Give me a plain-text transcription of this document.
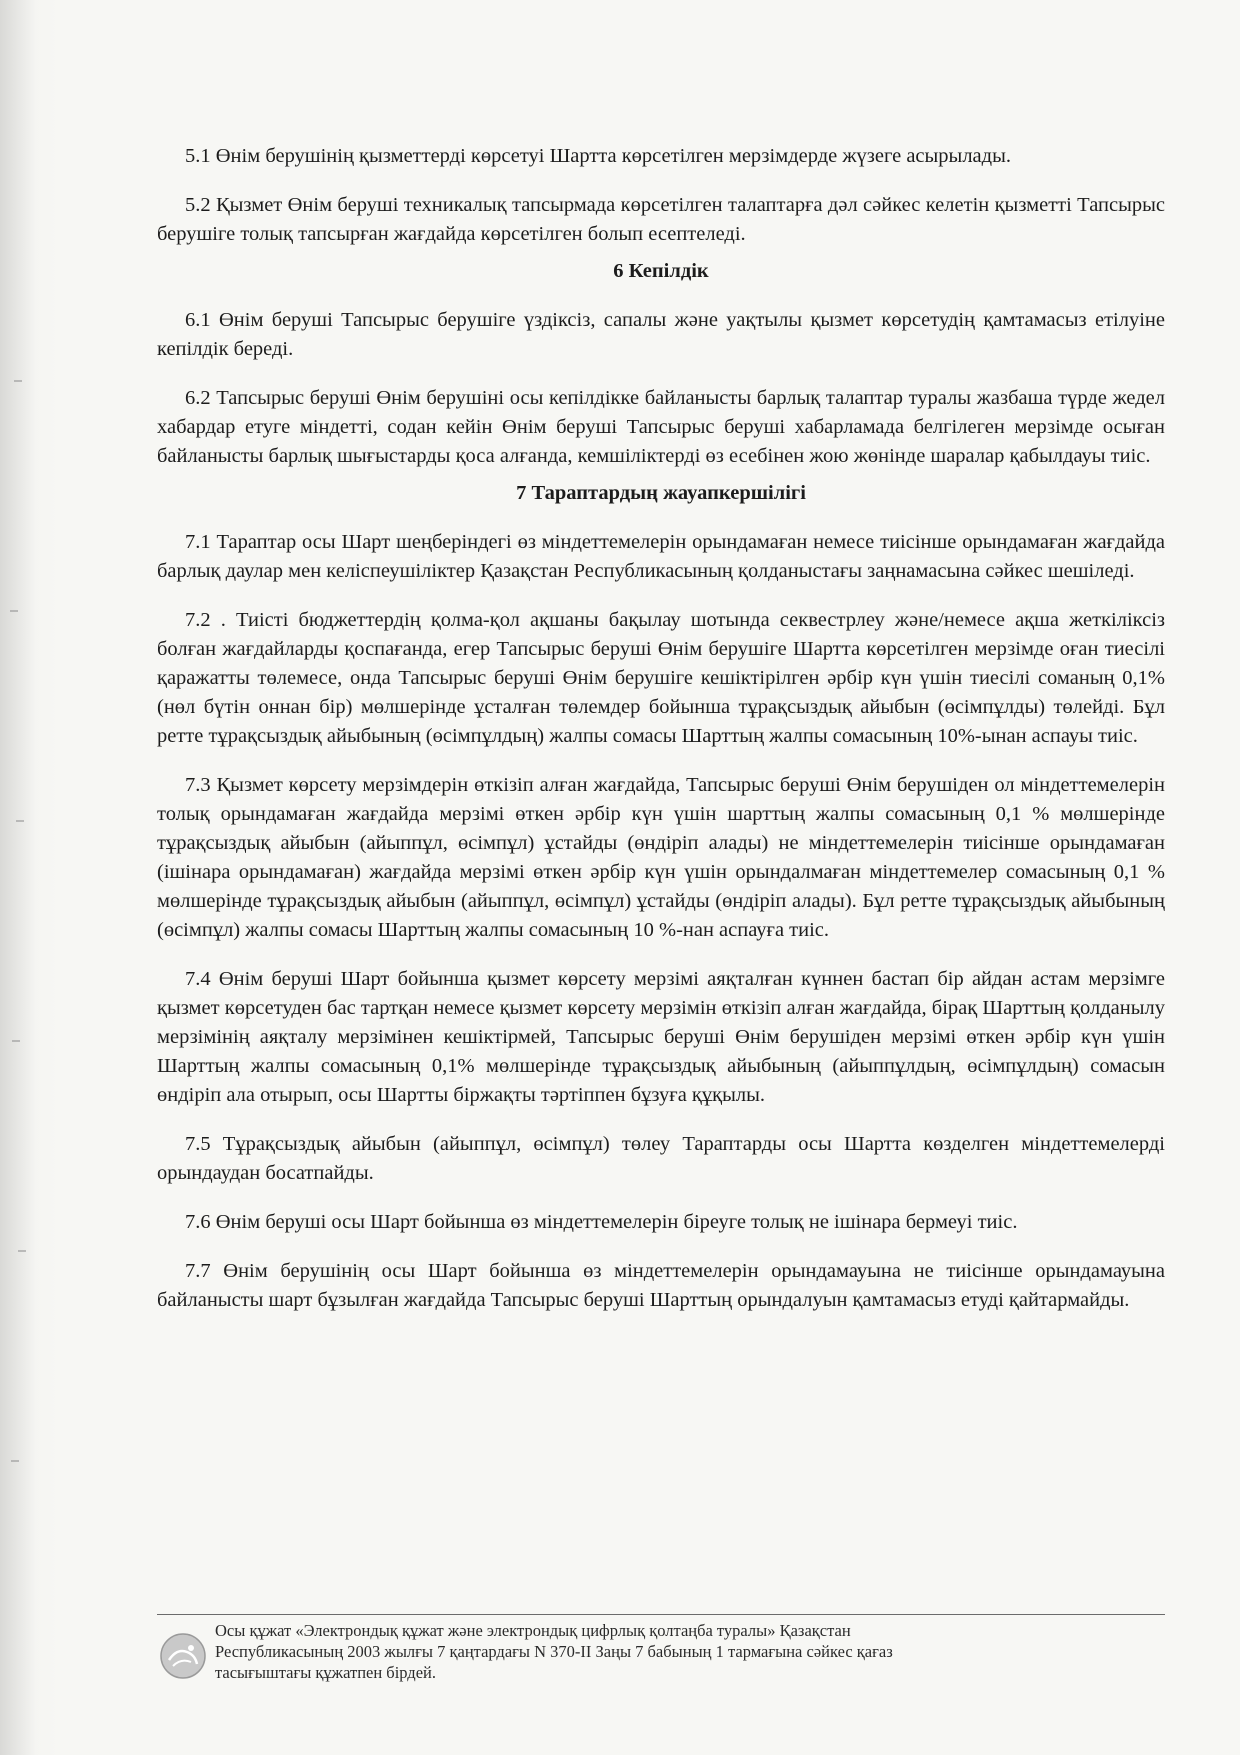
5.1 Өнім берушінің қызметтерді көрсетуі Шартта көрсетілген мерзімдерде жүзеге асырылады.

5.2 Қызмет Өнім беруші техникалық тапсырмада көрсетілген талаптарға дәл сәйкес келетін қызметті Тапсырыс берушіге толық тапсырған жағдайда көрсетілген болып есептеледі.

6 Кепілдік

6.1 Өнім беруші Тапсырыс берушіге үздіксіз, сапалы және уақтылы қызмет көрсетудің қамтамасыз етілуіне кепілдік береді.

6.2 Тапсырыс беруші Өнім берушіні осы кепілдікке байланысты барлық талаптар туралы жазбаша түрде жедел хабардар етуге міндетті, содан кейін Өнім беруші Тапсырыс беруші хабарламада белгілеген мерзімде осыған байланысты барлық шығыстарды қоса алғанда, кемшіліктерді өз есебінен жою жөнінде шаралар қабылдауы тиіс.

7 Тараптардың жауапкершілігі

7.1 Тараптар осы Шарт шеңберіндегі өз міндеттемелерін орындамаған немесе тиісінше орындамаған жағдайда барлық даулар мен келіспеушіліктер Қазақстан Республикасының қолданыстағы заңнамасына сәйкес шешіледі.

7.2 . Тиісті бюджеттердің қолма-қол ақшаны бақылау шотында секвестрлеу және/немесе ақша жеткіліксіз болған жағдайларды қоспағанда, егер Тапсырыс беруші Өнім берушіге Шартта көрсетілген мерзімде оған тиесілі қаражатты төлемесе, онда Тапсырыс беруші Өнім берушіге кешіктірілген әрбір күн үшін тиесілі соманың 0,1% (нөл бүтін оннан бір) мөлшерінде ұсталған төлемдер бойынша тұрақсыздық айыбын (өсімпұлды) төлейді. Бұл ретте тұрақсыздық айыбының (өсімпұлдың) жалпы сомасы Шарттың жалпы сомасының 10%-ынан аспауы тиіс.

7.3 Қызмет көрсету мерзімдерін өткізіп алған жағдайда, Тапсырыс беруші Өнім берушіден ол міндеттемелерін толық орындамаған жағдайда мерзімі өткен әрбір күн үшін шарттың жалпы сомасының 0,1 % мөлшерінде тұрақсыздық айыбын (айыппұл, өсімпұл) ұстайды (өндіріп алады) не міндеттемелерін тиісінше орындамаған (ішінара орындамаған) жағдайда мерзімі өткен әрбір күн үшін орындалмаған міндеттемелер сомасының 0,1 % мөлшерінде тұрақсыздық айыбын (айыппұл, өсімпұл) ұстайды (өндіріп алады). Бұл ретте тұрақсыздық айыбының (өсімпұл) жалпы сомасы Шарттың жалпы сомасының 10 %-нан аспауға тиіс.

7.4 Өнім беруші Шарт бойынша қызмет көрсету мерзімі аяқталған күннен бастап бір айдан астам мерзімге қызмет көрсетуден бас тартқан немесе қызмет көрсету мерзімін өткізіп алған жағдайда, бірақ Шарттың қолданылу мерзімінің аяқталу мерзімінен кешіктірмей, Тапсырыс беруші Өнім берушіден мерзімі өткен әрбір күн үшін Шарттың жалпы сомасының 0,1% мөлшерінде тұрақсыздық айыбының (айыппұлдың, өсімпұлдың) сомасын өндіріп ала отырып, осы Шартты біржақты тәртіппен бұзуға құқылы.

7.5 Тұрақсыздық айыбын (айыппұл, өсімпұл) төлеу Тараптарды осы Шартта көзделген міндеттемелерді орындаудан босатпайды.

7.6 Өнім беруші осы Шарт бойынша өз міндеттемелерін біреуге толық не ішінара бермеуі тиіс.

7.7 Өнім берушінің осы Шарт бойынша өз міндеттемелерін орындамауына не тиісінше орындамауына байланысты шарт бұзылған жағдайда Тапсырыс беруші Шарттың орындалуын қамтамасыз етуді қайтармайды.

Осы құжат «Электрондық құжат және электрондық цифрлық қолтаңба туралы» Қазақстан
Республикасының 2003 жылғы 7 қаңтардағы N 370-II Заңы 7 бабының 1 тармағына сәйкес қағаз
тасығыштағы құжатпен бірдей.
